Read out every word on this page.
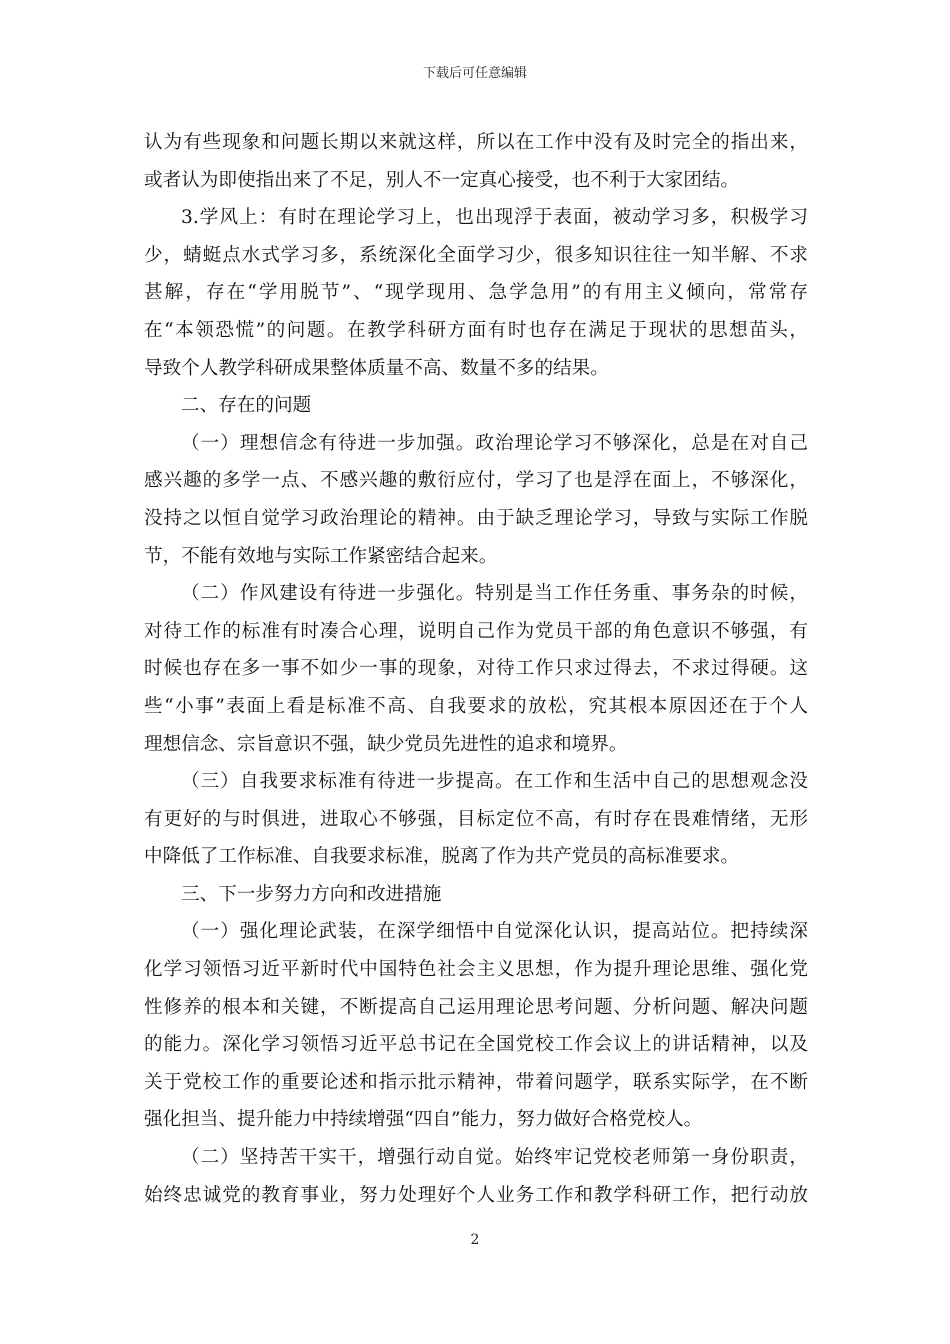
下载后可任意编辑
认为有些现象和问题长期以来就这样，所以在工作中没有及时完全的指出来，
或者认为即使指出来了不足，别人不一定真心接受，也不利于大家团结。
3.学风上：有时在理论学习上，也出现浮于表面，被动学习多，积极学习
少，蜻蜓点水式学习多，系统深化全面学习少，很多知识往往一知半解、不求
甚解，存在“学用脱节”、“现学现用、急学急用”的有用主义倾向，常常存
在“本领恐慌”的问题。在教学科研方面有时也存在满足于现状的思想苗头，
导致个人教学科研成果整体质量不高、数量不多的结果。
二、存在的问题
（一）理想信念有待进一步加强。政治理论学习不够深化，总是在对自己
感兴趣的多学一点、不感兴趣的敷衍应付，学习了也是浮在面上，不够深化，
没持之以恒自觉学习政治理论的精神。由于缺乏理论学习，导致与实际工作脱
节，不能有效地与实际工作紧密结合起来。
（二）作风建设有待进一步强化。特别是当工作任务重、事务杂的时候，
对待工作的标准有时凑合心理，说明自己作为党员干部的角色意识不够强，有
时候也存在多一事不如少一事的现象，对待工作只求过得去，不求过得硬。这
些“小事”表面上看是标准不高、自我要求的放松，究其根本原因还在于个人
理想信念、宗旨意识不强，缺少党员先进性的追求和境界。
（三）自我要求标准有待进一步提高。在工作和生活中自己的思想观念没
有更好的与时俱进，进取心不够强，目标定位不高，有时存在畏难情绪，无形
中降低了工作标准、自我要求标准，脱离了作为共产党员的高标准要求。
三、下一步努力方向和改进措施
（一）强化理论武装，在深学细悟中自觉深化认识，提高站位。把持续深
化学习领悟习近平新时代中国特色社会主义思想，作为提升理论思维、强化党
性修养的根本和关键，不断提高自己运用理论思考问题、分析问题、解决问题
的能力。深化学习领悟习近平总书记在全国党校工作会议上的讲话精神，以及
关于党校工作的重要论述和指示批示精神，带着问题学，联系实际学，在不断
强化担当、提升能力中持续增强“四自”能力，努力做好合格党校人。
（二）坚持苦干实干，增强行动自觉。始终牢记党校老师第一身份职责，
始终忠诚党的教育事业，努力处理好个人业务工作和教学科研工作，把行动放
2
